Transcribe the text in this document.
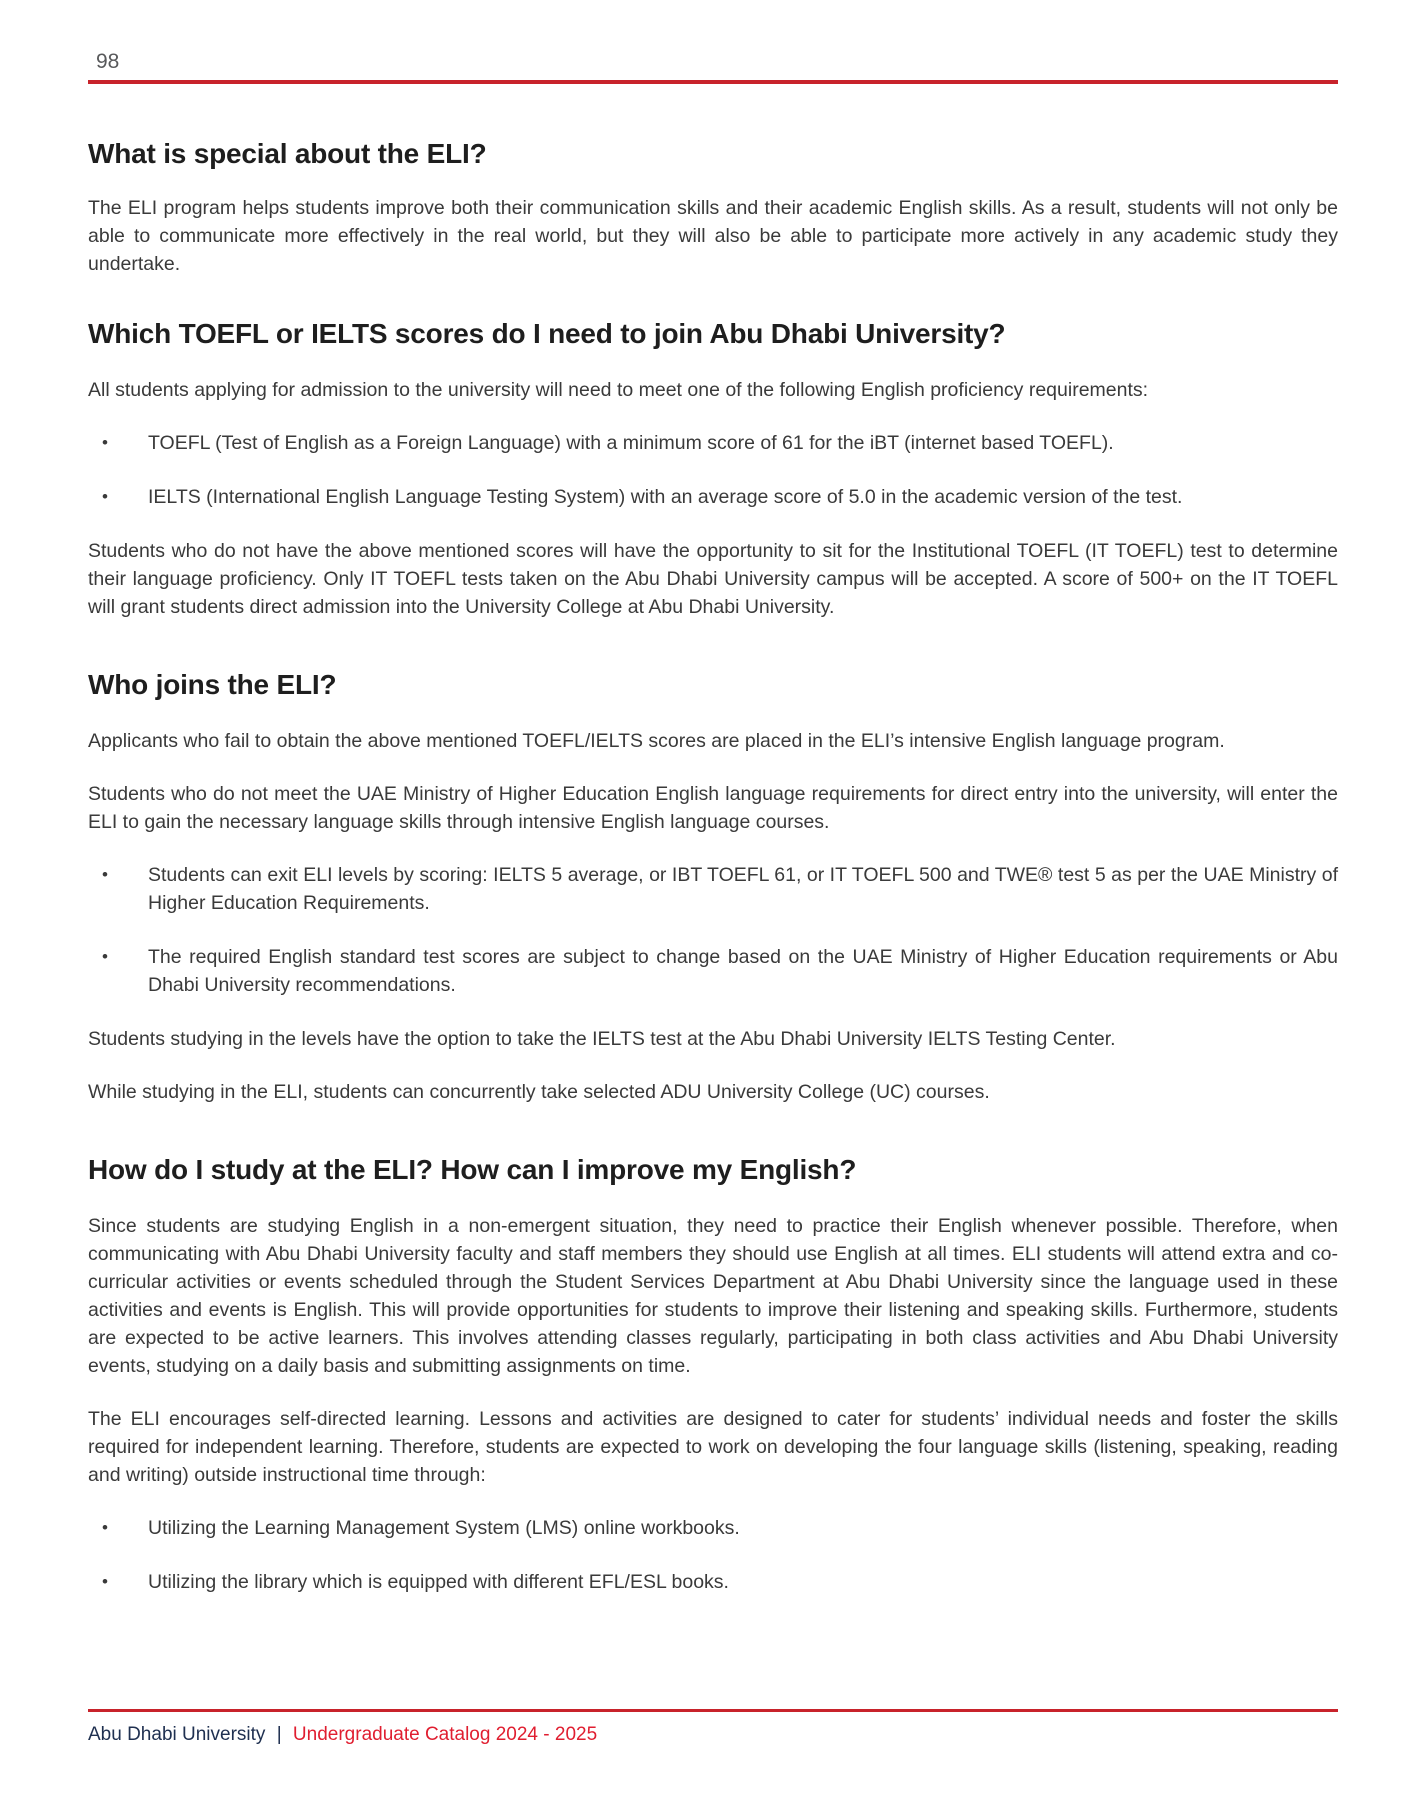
98
What is special about the ELI?

The ELI program helps students improve both their communication skills and their academic English skills. As a result, students will not only be able to communicate more effectively in the real world, but they will also be able to participate more actively in any academic study they undertake.

Which TOEFL or IELTS scores do I need to join Abu Dhabi University?

All students applying for admission to the university will need to meet one of the following English proficiency requirements:

• TOEFL (Test of English as a Foreign Language) with a minimum score of 61 for the iBT (internet based TOEFL).
• IELTS (International English Language Testing System) with an average score of 5.0 in the academic version of the test.

Students who do not have the above mentioned scores will have the opportunity to sit for the Institutional TOEFL (IT TOEFL) test to determine their language proficiency. Only IT TOEFL tests taken on the Abu Dhabi University campus will be accepted. A score of 500+ on the IT TOEFL will grant students direct admission into the University College at Abu Dhabi University.

Who joins the ELI?

Applicants who fail to obtain the above mentioned TOEFL/IELTS scores are placed in the ELI’s intensive English language program.

Students who do not meet the UAE Ministry of Higher Education English language requirements for direct entry into the university, will enter the ELI to gain the necessary language skills through intensive English language courses.

• Students can exit ELI levels by scoring: IELTS 5 average, or IBT TOEFL 61, or IT TOEFL 500 and TWE® test 5 as per the UAE Ministry of Higher Education Requirements.
• The required English standard test scores are subject to change based on the UAE Ministry of Higher Education requirements or Abu Dhabi University recommendations.

Students studying in the levels have the option to take the IELTS test at the Abu Dhabi University IELTS Testing Center.

While studying in the ELI, students can concurrently take selected ADU University College (UC) courses.

How do I study at the ELI? How can I improve my English?

Since students are studying English in a non-emergent situation, they need to practice their English whenever possible. Therefore, when communicating with Abu Dhabi University faculty and staff members they should use English at all times. ELI students will attend extra and co-curricular activities or events scheduled through the Student Services Department at Abu Dhabi University since the language used in these activities and events is English. This will provide opportunities for students to improve their listening and speaking skills. Furthermore, students are expected to be active learners. This involves attending classes regularly, participating in both class activities and Abu Dhabi University events, studying on a daily basis and submitting assignments on time.

The ELI encourages self-directed learning. Lessons and activities are designed to cater for students’ individual needs and foster the skills required for independent learning. Therefore, students are expected to work on developing the four language skills (listening, speaking, reading and writing) outside instructional time through:

• Utilizing the Learning Management System (LMS) online workbooks.
• Utilizing the library which is equipped with different EFL/ESL books.
Abu Dhabi University | Undergraduate Catalog 2024 - 2025
